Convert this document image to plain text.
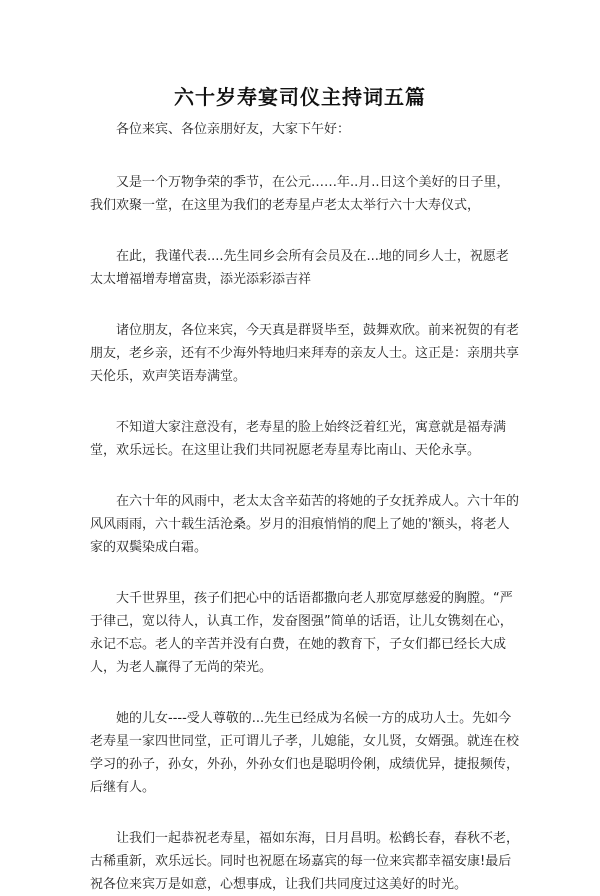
六十岁寿宴司仪主持词五篇

各位来宾、各位亲朋好友，大家下午好：

又是一个万物争荣的季节，在公元……年..月..日这个美好的日子里，我们欢聚一堂，在这里为我们的老寿星卢老太太举行六十大寿仪式，

在此，我谨代表....先生同乡会所有会员及在...地的同乡人士，祝愿老太太增福增寿增富贵，添光添彩添吉祥

诸位朋友，各位来宾，今天真是群贤毕至，鼓舞欢欣。前来祝贺的有老朋友，老乡亲，还有不少海外特地归来拜寿的亲友人士。这正是：亲朋共享天伦乐，欢声笑语寿满堂。

不知道大家注意没有，老寿星的脸上始终泛着红光，寓意就是福寿满堂，欢乐远长。在这里让我们共同祝愿老寿星寿比南山、天伦永享。

在六十年的风雨中，老太太含辛茹苦的将她的子女抚养成人。六十年的风风雨雨，六十载生活沧桑。岁月的泪痕悄悄的爬上了她的'额头，将老人家的双鬓染成白霜。

大千世界里，孩子们把心中的话语都撒向老人那宽厚慈爱的胸膛。“严于律己，宽以待人，认真工作，发奋图强”简单的话语，让儿女镌刻在心，永记不忘。老人的辛苦并没有白费，在她的教育下，子女们都已经长大成人，为老人赢得了无尚的荣光。

她的儿女----受人尊敬的...先生已经成为名候一方的成功人士。先如今老寿星一家四世同堂，正可谓儿子孝，儿媳能，女儿贤，女婿强。就连在校学习的孙子，孙女，外孙，外孙女们也是聪明伶俐，成绩优异，捷报频传，后继有人。

让我们一起恭祝老寿星，福如东海，日月昌明。松鹤长春，春秋不老，古稀重新，欢乐远长。同时也祝愿在场嘉宾的每一位来宾都幸福安康!最后祝各位来宾万是如意，心想事成，让我们共同度过这美好的时光。
